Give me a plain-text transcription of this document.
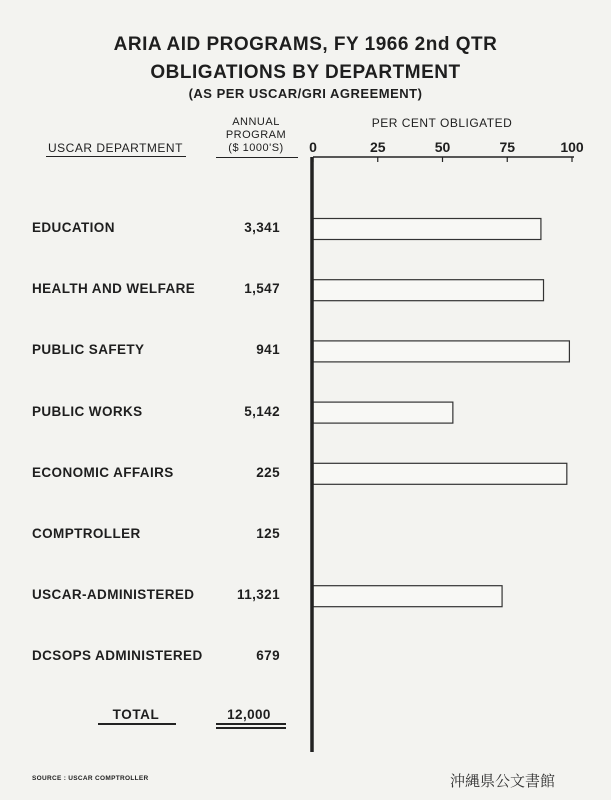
ARIA AID PROGRAMS, FY 1966 2nd QTR
OBLIGATIONS BY DEPARTMENT
(AS PER USCAR/GRI AGREEMENT)
USCAR DEPARTMENT
ANNUAL
PROGRAM
($ 1000'S)
PER CENT OBLIGATED
0	25	50	75	100
EDUCATION	3,341
HEALTH AND WELFARE	1,547
PUBLIC SAFETY	941
PUBLIC WORKS	5,142
ECONOMIC AFFAIRS	225
COMPTROLLER	125
USCAR-ADMINISTERED	11,321
DCSOPS ADMINISTERED	679
TOTAL	12,000
SOURCE : USCAR COMPTROLLER	沖縄県公文書館
